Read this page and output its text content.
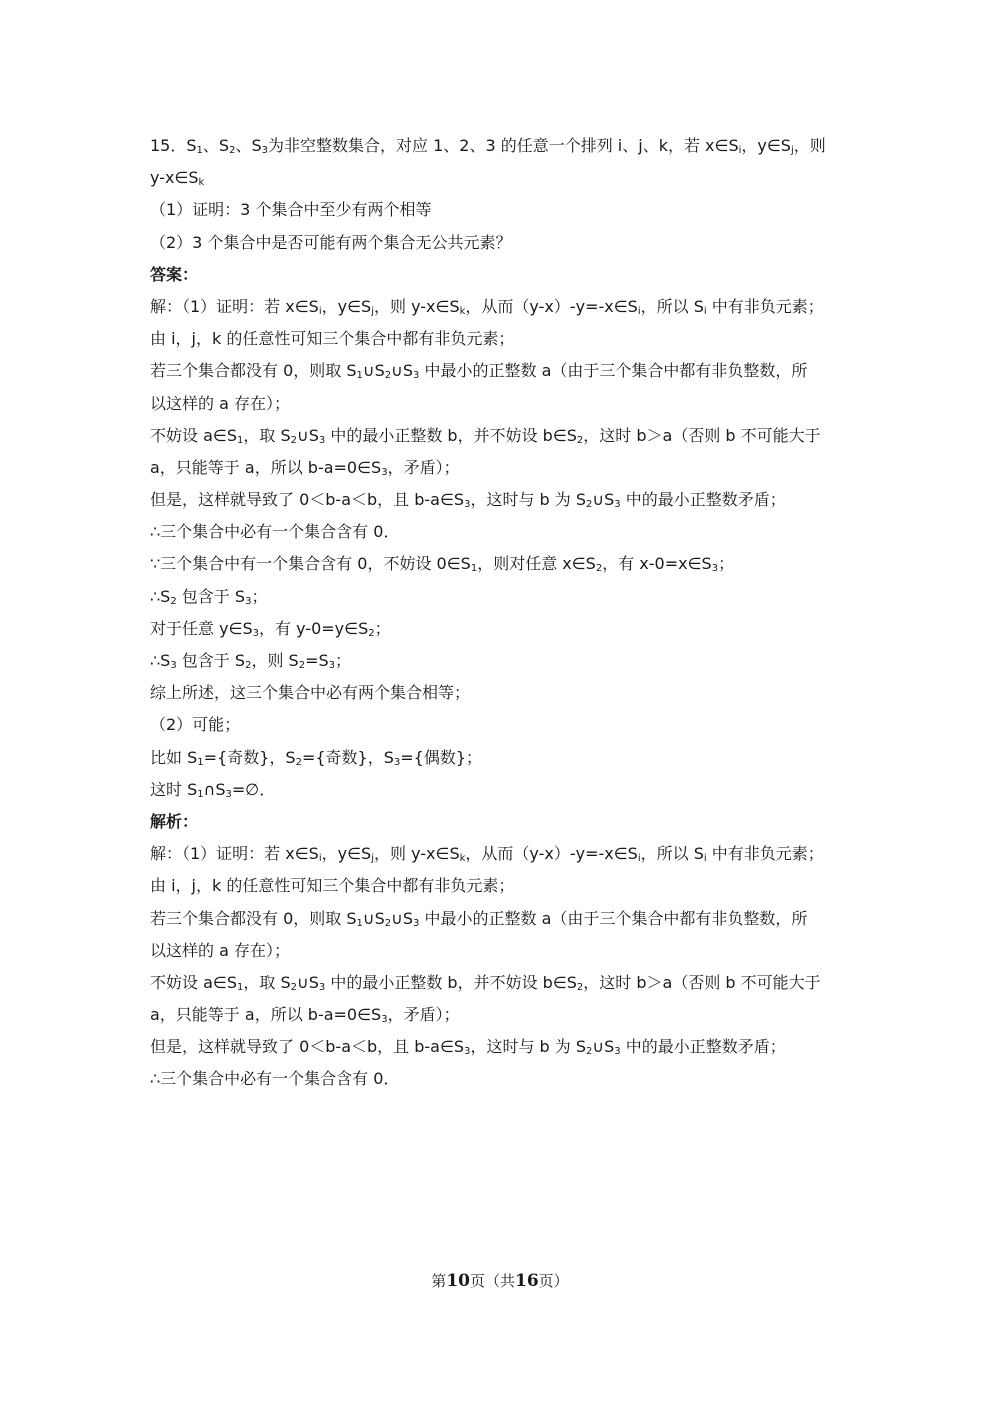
15．$S_1$、$S_2$、$S_3$为非空整数集合，对应 1、2、3 的任意一个排列 i、j、k，若 $x\in S_i$，$y\in S_j$，则
$y-x\in S_k$
（1）证明：3 个集合中至少有两个相等
（2）3 个集合中是否可能有两个集合无公共元素？
答案：
解：（1）证明：若 $x\in S_i$，$y\in S_j$，则 $y-x\in S_k$，从而$(y-x)-y=-x\in S_i$，所以 $S_i$ 中有非负元素；
由 i，j，k 的任意性可知三个集合中都有非负元素；
若三个集合都没有 0，则取 $S_1\cup S_2\cup S_3$ 中最小的正整数 a（由于三个集合中都有非负整数，所
以这样的 a 存在）；
不妨设 $a\in S_1$，取 $S_2\cup S_3$ 中的最小正整数 b，并不妨设 $b\in S_2$，这时 b＞a（否则 b 不可能大于
a，只能等于 a，所以 $b-a=0\in S_3$，矛盾）；
但是，这样就导致了 0＜b-a＜b，且 $b-a\in S_3$，这时与 b 为 $S_2\cup S_3$ 中的最小正整数矛盾；
∴三个集合中必有一个集合含有 0．
∵三个集合中有一个集合含有 0，不妨设 $0\in S_1$，则对任意 $x\in S_2$，有 $x-0=x\in S_3$；
$\therefore S_2$ 包含于 $S_3$；
对于任意 $y\in S_3$，有 $y-0=y\in S_2$；
$\therefore S_3$ 包含于 $S_2$，则 $S_2=S_3$；
综上所述，这三个集合中必有两个集合相等；
（2）可能；
比如 $S_1=${奇数}，$S_2=${奇数}，$S_3=${偶数}；
这时 $S_1\cap S_3=\emptyset$．
解析：
解：（1）证明：若 $x\in S_i$，$y\in S_j$，则 $y-x\in S_k$，从而$(y-x)-y=-x\in S_i$，所以 $S_i$ 中有非负元素；
由 i，j，k 的任意性可知三个集合中都有非负元素；
若三个集合都没有 0，则取 $S_1\cup S_2\cup S_3$ 中最小的正整数 a（由于三个集合中都有非负整数，所
以这样的 a 存在）；
不妨设 $a\in S_1$，取 $S_2\cup S_3$ 中的最小正整数 b，并不妨设 $b\in S_2$，这时 b＞a（否则 b 不可能大于
a，只能等于 a，所以 $b-a=0\in S_3$，矛盾）；
但是，这样就导致了 0＜b-a＜b，且 $b-a\in S_3$，这时与 b 为 $S_2\cup S_3$ 中的最小正整数矛盾；
∴三个集合中必有一个集合含有 0．
第10页（共16页）
